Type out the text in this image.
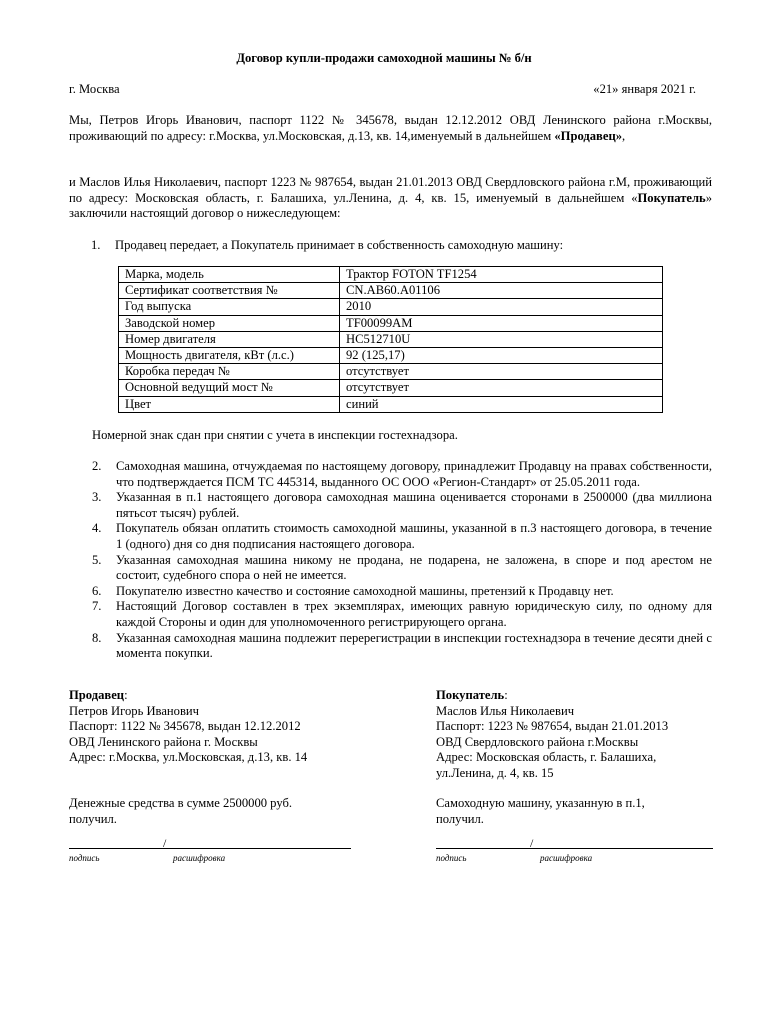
Договор купли-продажи самоходной машины № б/н
г. Москва	«21» января 2021 г.
Мы, Петров Игорь Иванович, паспорт 1122 № 345678, выдан 12.12.2012 ОВД Ленинского района г.Москвы, проживающий по адресу: г.Москва, ул.Московская, д.13, кв. 14,именуемый в дальнейшем «Продавец»,
и Маслов Илья Николаевич, паспорт 1223 № 987654, выдан 21.01.2013 ОВД Свердловского района г.М, проживающий по адресу: Московская область, г. Балашиха, ул.Ленина, д. 4, кв. 15, именуемый в дальнейшем «Покупатель» заключили настоящий договор о нижеследующем:
1. Продавец передает, а Покупатель принимает в собственность самоходную машину:
Марка, модель	Трактор FOTON TF1254
Сертификат соответствия №	CN.AB60.A01106
Год выпуска	2010
Заводской номер	TF00099AM
Номер двигателя	HC512710U
Мощность двигателя, кВт (л.с.)	92 (125,17)
Коробка передач №	отсутствует
Основной ведущий мост №	отсутствует
Цвет	синий
Номерной знак сдан при снятии с учета в инспекции гостехнадзора.
2. Самоходная машина, отчуждаемая по настоящему договору, принадлежит Продавцу на правах собственности, что подтверждается ПСМ ТС 445314, выданного ОС ООО «Регион-Стандарт» от 25.05.2011 года.
3. Указанная в п.1 настоящего договора самоходная машина оценивается сторонами в 2500000 (два миллиона пятьсот тысяч) рублей.
4. Покупатель обязан оплатить стоимость самоходной машины, указанной в п.3 настоящего договора, в течение 1 (одного) дня со дня подписания настоящего договора.
5. Указанная самоходная машина никому не продана, не подарена, не заложена, в споре и под арестом не состоит, судебного спора о ней не имеется.
6. Покупателю известно качество и состояние самоходной машины, претензий к Продавцу нет.
7. Настоящий Договор составлен в трех экземплярах, имеющих равную юридическую силу, по одному для каждой Стороны и один для уполномоченного регистрирующего органа.
8. Указанная самоходная машина подлежит перерегистрации в инспекции гостехнадзора в течение десяти дней с момента покупки.
Продавец:
Петров Игорь Иванович
Паспорт: 1122 № 345678, выдан 12.12.2012
ОВД Ленинского района г. Москвы
Адрес: г.Москва, ул.Московская, д.13, кв. 14
Покупатель:
Маслов Илья Николаевич
Паспорт: 1223 № 987654, выдан 21.01.2013
ОВД Свердловского района г.Москвы
Адрес: Московская область, г. Балашиха,
ул.Ленина, д. 4, кв. 15
Денежные средства в сумме 2500000 руб.
получил.
Самоходную машину, указанную в п.1,
получил.
/
подпись	расшифровка
/
подпись	расшифровка
